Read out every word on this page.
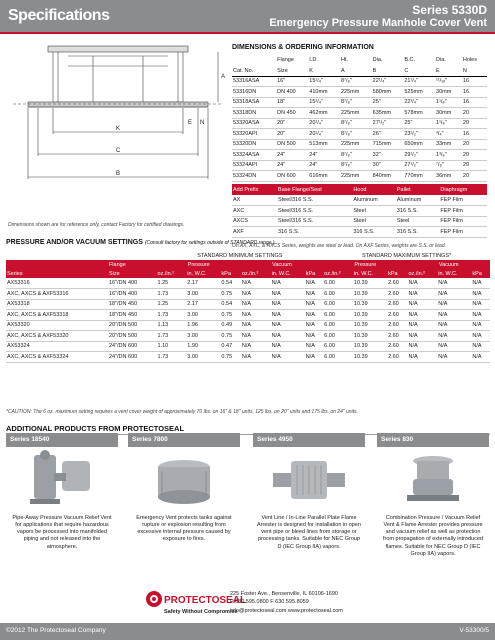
Specifications	Series 5330D
Emergency Pressure Manhole Cover Vent
K
C
B
E N
A
Dimensions shown are for reference only, contact Factory for certified drawings.
DIMENSIONS & ORDERING INFORMATION
	Flange	I.D.	Ht.	Dia.	B.C.	Dia.	Holes
Cat. No.	Size	K	A	B	C	E	N
53316ASA	16"	15¹/₄"	8⁷/₈"	22¹/₄"	21¹/₄"	¹¹/₁₆"	16
53316DN	DN 400	410mm	225mm	580mm	525mm	30mm	16
53318ASA	18"	15¹/₄"	8⁷/₈"	25"	22³/₄"	1¹/₈"	16
53318DN	DN 450	462mm	225mm	635mm	578mm	30mm	20
53320ASA	20"	20¹/₄"	8⁷/₈"	27¹/₂"	25"	1¹/₈"	20
53320API	20"	20¹/₄"	8⁷/₈"	26"	23¹/₂"	³/₄"	16
53320DN	DN 500	513mm	225mm	715mm	650mm	33mm	20
53324ASA	24"	24"	8⁷/₈"	32"	29¹/₂"	1³/₈"	20
53324API	24"	24"	8⁷/₈"	30"	27¹/₂"	⁷/₈"	20
53324DN	DN 600	616mm	225mm	840mm	770mm	36mm	20
Add Prefix	Base Flange/Seat	Hood	Pallet	Diaphragm
AX	Steel/316 S.S.	Aluminum	Aluminum	FEP Film
AXC	Steel/316 S.S.	Steel	316 S.S.	FEP Film
AXCS	Steel/316 S.S.	Steel	Steel	FEP Film
AXF	316 S.S.	316 S.S.	316 S.S.	FEP Film
On AX, AXC, & AXCS Series, weights are steel or lead. On AXF Series, weights are S.S. or lead.
PRESSURE AND/OR VACUUM SETTINGS (Consult factory for settings outside of STANDARD range.)
		STANDARD MINIMUM SETTINGS						STANDARD MAXIMUM SETTINGS*					
	Flange	Pressure			Vacuum			Pressure			Vacuum		
Series	Size	oz./in.²	in. W.C.	kPa	oz./in.²	in. W.C.	kPa	oz./in.²	in. W.C.	kPa	oz./in.²	in. W.C.	kPa
AX53316	16"/DN 400	1.25	2.17	0.54	N/A	N/A	N/A	6.00	10.39	2.60	N/A	N/A	N/A
AXC, AXCS & AXF53316	16"/DN 400	1.73	3.00	0.75	N/A	N/A	N/A	6.00	10.39	2.60	N/A	N/A	N/A
AX53318	18"/DN 450	1.25	2.17	0.54	N/A	N/A	N/A	6.00	10.39	2.60	N/A	N/A	N/A
AXC, AXCS & AXF53318	18"/DN 450	1.73	3.00	0.75	N/A	N/A	N/A	6.00	10.39	2.60	N/A	N/A	N/A
AX53320	20"/DN 500	1.13	1.96	0.49	N/A	N/A	N/A	6.00	10.39	2.60	N/A	N/A	N/A
AXC, AXCS & AXF53320	20"/DN 500	1.73	3.00	0.75	N/A	N/A	N/A	6.00	10.39	2.60	N/A	N/A	N/A
AX53324	24"/DN 600	1.10	1.90	0.47	N/A	N/A	N/A	6.00	10.39	2.60	N/A	N/A	N/A
AXC, AXCS & AXF53324	24"/DN 600	1.73	3.00	0.75	N/A	N/A	N/A	6.00	10.39	2.60	N/A	N/A	N/A
*CAUTION: The 6 oz. maximum setting requires a vent cover weight of approximately 70 lbs. on 16" & 18" units, 125 lbs. on 20" units and 175 lbs. on 24" units.
ADDITIONAL PRODUCTS FROM PROTECTOSEAL
Series 18540
Pipe-Away Pressure Vacuum Relief Vent for applications that require hazardous vapors be processed into manifolded piping and not released into the atmosphere.
Series 7800
Emergency Vent protects tanks against rupture or explosion resulting from excessive internal pressure caused by exposure to fires.
Series 4950
Vent Line / In-Line Parallel Plate Flame Arrester is designed for installation in open vent pipe or bleed lines from storage or processing tanks. Suitable for NEC Group D (IEC Group IIA) vapors.
Series 830
Combination Pressure / Vacuum Relief Vent & Flame Arrester provides pressure and vacuum relief as well as protection from propagation of externally introduced flames. Suitable for NEC Group D (IEC Group IIA) vapors.
PROTECTOSEAL
Safety Without Compromise
225 Foster Ave., Bensenville, IL 60106-1690
P 630.595.0800 F 630.595.8059
info@protectoseal.com www.protectoseal.com
©2012 The Protectoseal Company	V-53300/5
